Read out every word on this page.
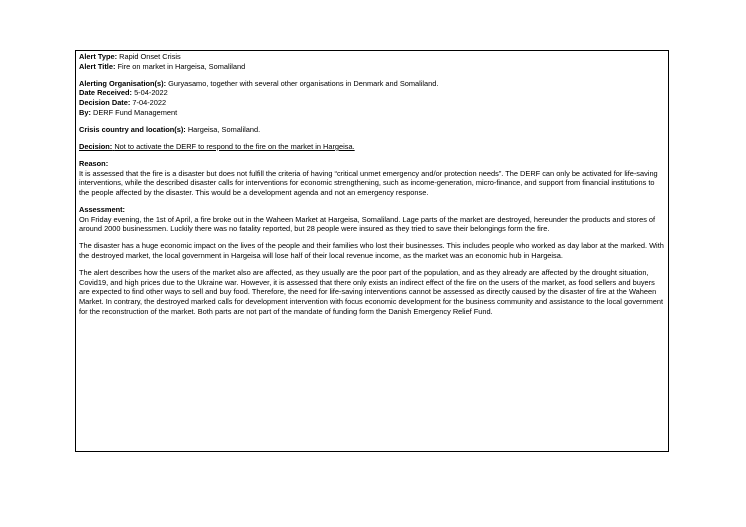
Alert Type: Rapid Onset Crisis

Alert Title: Fire on market in Hargeisa, Somaliland

Alerting Organisation(s): Guryasamo, together with several other organisations in Denmark and Somaliland.

Date Received: 5-04-2022

Decision Date: 7-04-2022

By: DERF Fund Management

Crisis country and location(s): Hargeisa, Somaliland.

Decision: Not to activate the DERF to respond to the fire on the market in Hargeisa.

Reason:

It is assessed that the fire is a disaster but does not fulfill the criteria of having “critical unmet emergency and/or protection needs”. The DERF can only be activated for life-saving interventions, while the described disaster calls for interventions for economic strengthening, such as income-generation, micro-finance, and support from financial institutions to the people affected by the disaster. This would be a development agenda and not an emergency response.

Assessment:

On Friday evening, the 1st of April, a fire broke out in the Waheen Market at Hargeisa, Somaliland. Lage parts of the market are destroyed, hereunder the products and stores of around 2000 businessmen. Luckily there was no fatality reported, but 28 people were insured as they tried to save their belongings form the fire.

The disaster has a huge economic impact on the lives of the people and their families who lost their businesses. This includes people who worked as day labor at the marked. With the destroyed market, the local government in Hargeisa will lose half of their local revenue income, as the market was an economic hub in Hargeisa.

The alert describes how the users of the market also are affected, as they usually are the poor part of the population, and as they already are affected by the drought situation, Covid19, and high prices due to the Ukraine war. However, it is assessed that there only exists an indirect effect of the fire on the users of the market, as food sellers and buyers are expected to find other ways to sell and buy food. Therefore, the need for life-saving interventions cannot be assessed as directly caused by the disaster of fire at the Waheen Market. In contrary, the destroyed marked calls for development intervention with focus economic development for the business community and assistance to the local government for the reconstruction of the market. Both parts are not part of the mandate of funding form the Danish Emergency Relief Fund.
